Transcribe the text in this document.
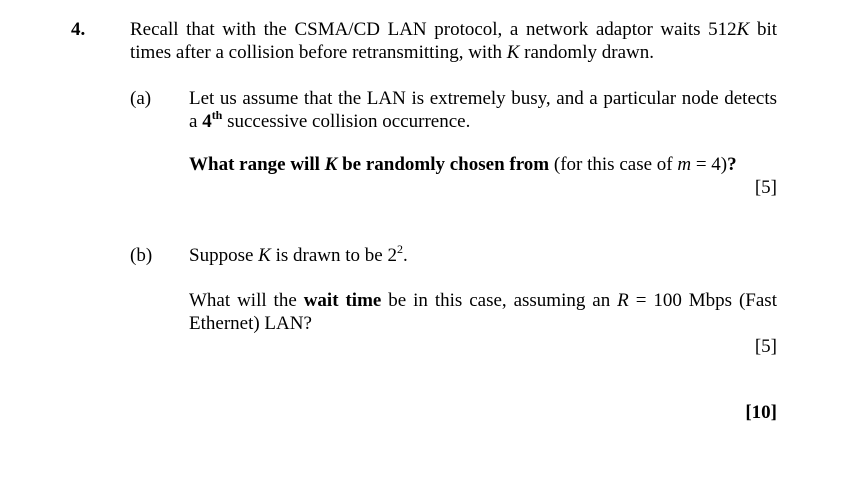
4. Recall that with the CSMA/CD LAN protocol, a network adaptor waits 512K bit times after a collision before retransmitting, with K randomly drawn.
(a) Let us assume that the LAN is extremely busy, and a particular node detects a 4th successive collision occurrence.
What range will K be randomly chosen from (for this case of m = 4)?
[5]
(b) Suppose K is drawn to be $2^2$.
What will the wait time be in this case, assuming an R = 100 Mbps (Fast Ethernet) LAN?
[5]
[10]
